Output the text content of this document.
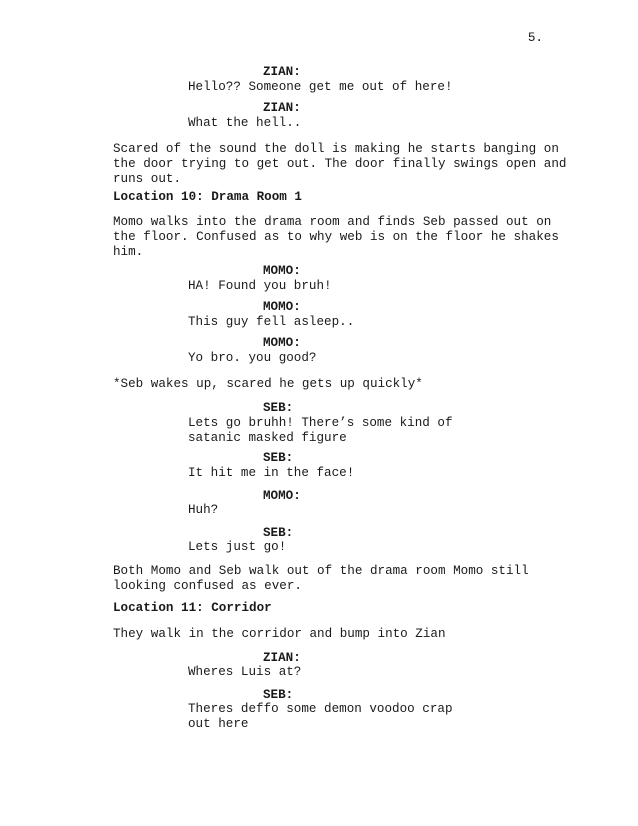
5.
ZIAN:
Hello?? Someone get me out of here!
ZIAN:
What the hell..
Scared of the sound the doll is making he starts banging on
the door trying to get out. The door finally swings open and
runs out.
Location 10: Drama Room 1
Momo walks into the drama room and finds Seb passed out on
the floor. Confused as to why web is on the floor he shakes
him.
MOMO:
HA! Found you bruh!
MOMO:
This guy fell asleep..
MOMO:
Yo bro. you good?
*Seb wakes up, scared he gets up quickly*
SEB:
Lets go bruhh! There’s some kind of
satanic masked figure
SEB:
It hit me in the face!
MOMO:
Huh?
SEB:
Lets just go!
Both Momo and Seb walk out of the drama room Momo still
looking confused as ever.
Location 11: Corridor
They walk in the corridor and bump into Zian
ZIAN:
Wheres Luis at?
SEB:
Theres deffo some demon voodoo crap
out here
